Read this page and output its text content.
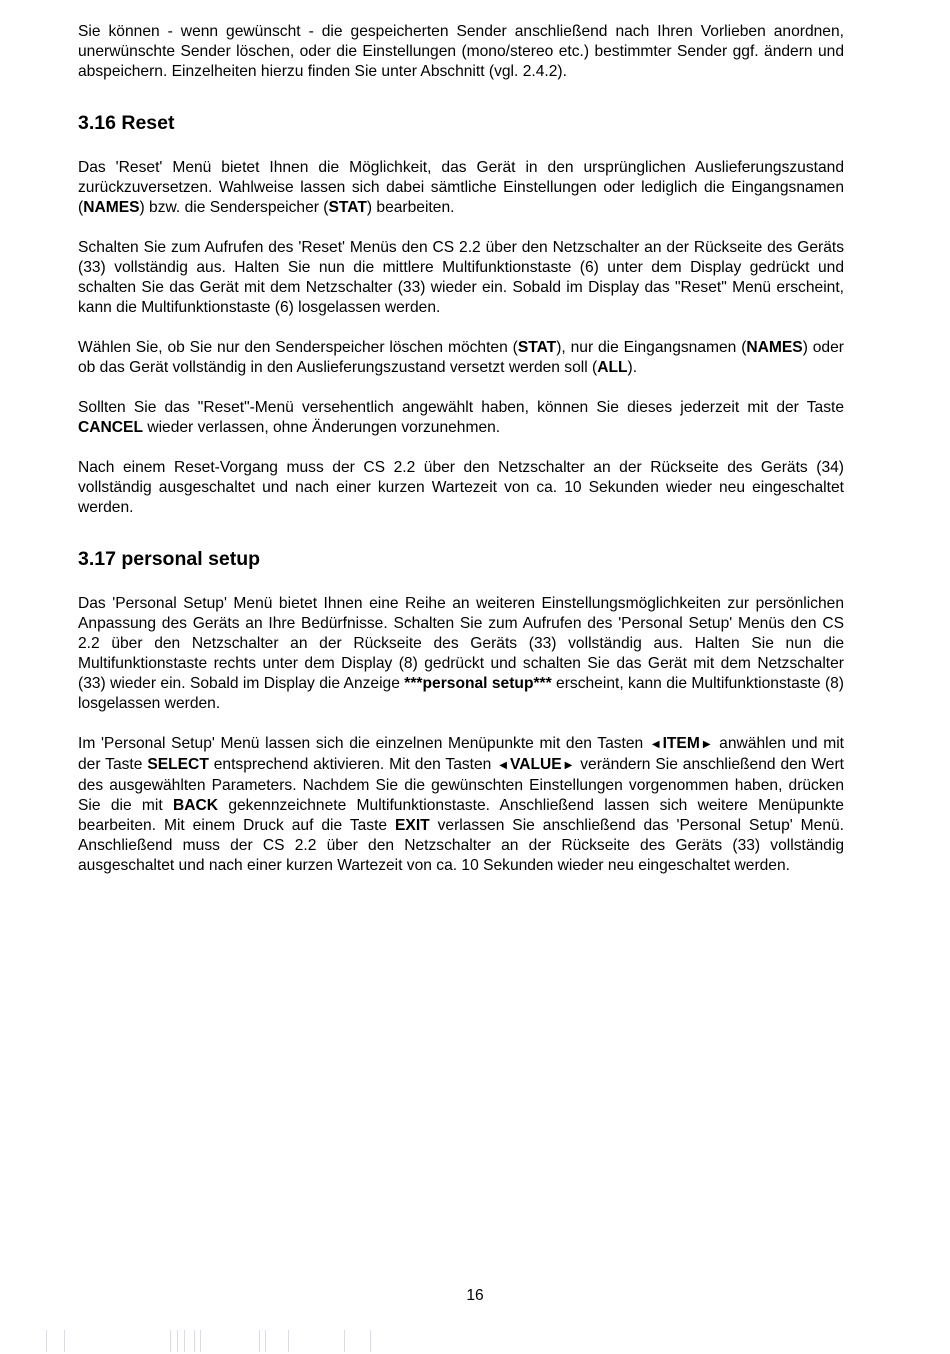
Sie können - wenn gewünscht - die gespeicherten Sender anschließend nach Ihren Vorlieben anordnen, unerwünschte Sender löschen, oder die Einstellungen (mono/stereo etc.) bestimmter Sender ggf. ändern und abspeichern. Einzelheiten hierzu finden Sie unter Abschnitt (vgl. 2.4.2).

3.16 Reset

Das 'Reset' Menü bietet Ihnen die Möglichkeit, das Gerät in den ursprünglichen Auslieferungszustand zurückzuversetzen. Wahlweise lassen sich dabei sämtliche Einstellungen oder lediglich die Eingangsnamen (NAMES) bzw. die Senderspeicher (STAT) bearbeiten.

Schalten Sie zum Aufrufen des 'Reset' Menüs den CS 2.2 über den Netzschalter an der Rückseite des Geräts (33) vollständig aus. Halten Sie nun die mittlere Multifunktionstaste (6) unter dem Display gedrückt und schalten Sie das Gerät mit dem Netzschalter (33) wieder ein. Sobald im Display das "Reset" Menü erscheint, kann die Multifunktionstaste (6) losgelassen werden.

Wählen Sie, ob Sie nur den Senderspeicher löschen möchten (STAT), nur die Eingangsnamen (NAMES) oder ob das Gerät vollständig in den Auslieferungszustand versetzt werden soll (ALL).

Sollten Sie das "Reset"-Menü versehentlich angewählt haben, können Sie dieses jederzeit mit der Taste CANCEL wieder verlassen, ohne Änderungen vorzunehmen.

Nach einem Reset-Vorgang muss der CS 2.2 über den Netzschalter an der Rückseite des Geräts (34) vollständig ausgeschaltet und nach einer kurzen Wartezeit von ca. 10 Sekunden wieder neu eingeschaltet werden.

3.17 personal setup

Das 'Personal Setup' Menü bietet Ihnen eine Reihe an weiteren Einstellungsmöglichkeiten zur persönlichen Anpassung des Geräts an Ihre Bedürfnisse. Schalten Sie zum Aufrufen des 'Personal Setup' Menüs den CS 2.2 über den Netzschalter an der Rückseite des Geräts (33) vollständig aus. Halten Sie nun die Multifunktionstaste rechts unter dem Display (8) gedrückt und schalten Sie das Gerät mit dem Netzschalter (33) wieder ein. Sobald im Display die Anzeige ***personal setup*** erscheint, kann die Multifunktionstaste (8) losgelassen werden.

Im 'Personal Setup' Menü lassen sich die einzelnen Menüpunkte mit den Tasten ◀ ITEM ▶ anwählen und mit der Taste SELECT entsprechend aktivieren. Mit den Tasten ◀ VALUE ▶ verändern Sie anschließend den Wert des ausgewählten Parameters. Nachdem Sie die gewünschten Einstellungen vorgenommen haben, drücken Sie die mit BACK gekennzeichnete Multifunktionstaste. Anschließend lassen sich weitere Menüpunkte bearbeiten. Mit einem Druck auf die Taste EXIT verlassen Sie anschließend das 'Personal Setup' Menü. Anschließend muss der CS 2.2 über den Netzschalter an der Rückseite des Geräts (33) vollständig ausgeschaltet und nach einer kurzen Wartezeit von ca. 10 Sekunden wieder neu eingeschaltet werden.

16
